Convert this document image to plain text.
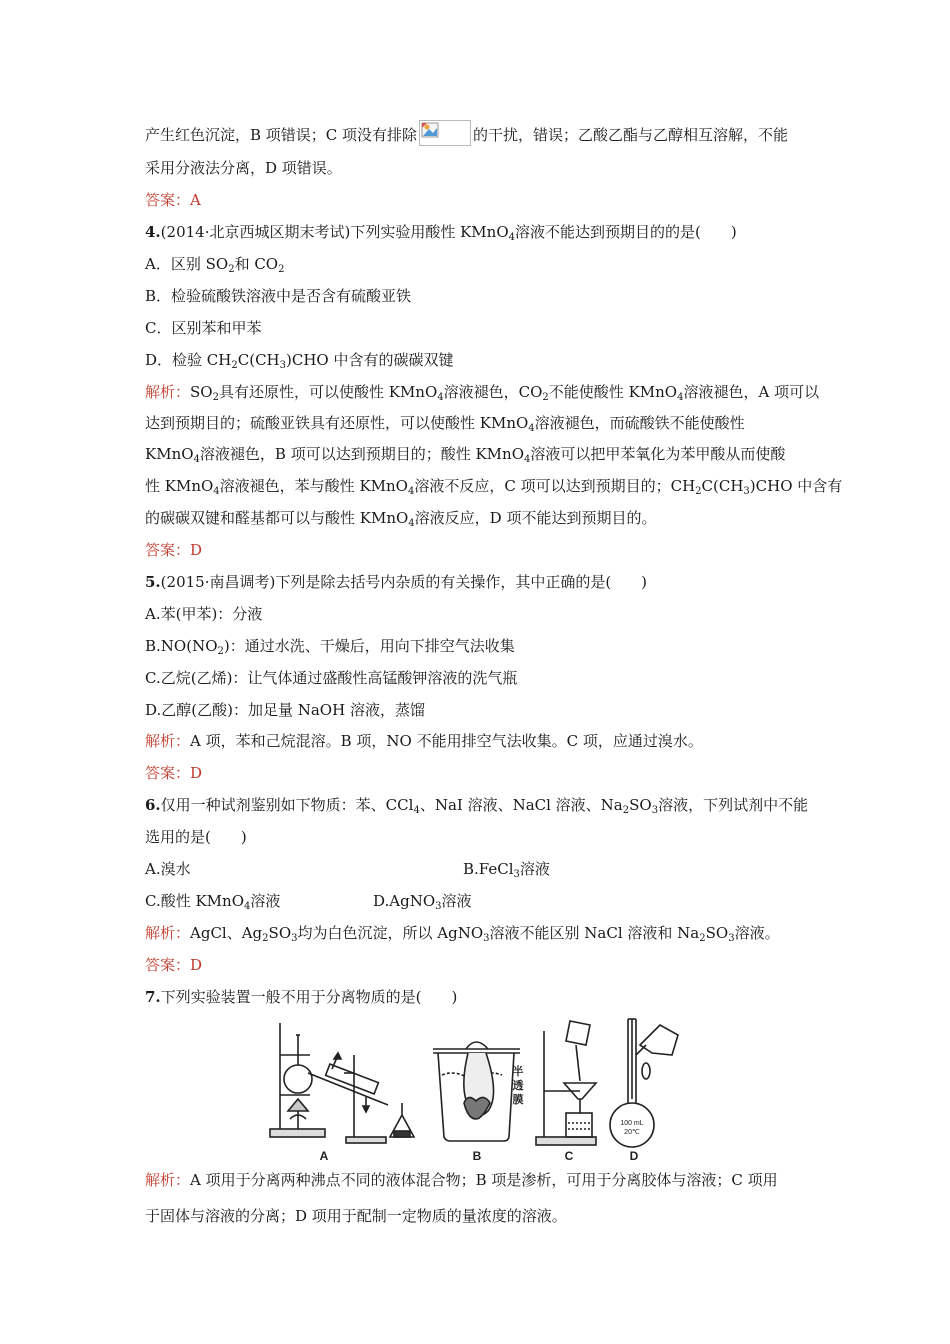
产生红色沉淀，B 项错误；C 项没有排除	的干扰，错误；乙酸乙酯与乙醇相互溶解，不能
采用分液法分离，D 项错误。
答案：A
4.(2014·北京西城区期末考试)下列实验用酸性 KMnO$_4$溶液不能达到预期目的的是(　　)
A．区别 $SO_2$和 $CO_2$
B．检验硫酸铁溶液中是否含有硫酸亚铁
C．区别苯和甲苯
D．检验 $CH_2C(CH_3)CHO$ 中含有的碳碳双键
解析：$SO_2$具有还原性，可以使酸性 KMnO$_4$溶液褪色，$CO_2$不能使酸性 KMnO$_4$溶液褪色，A 项可以
达到预期目的；硫酸亚铁具有还原性，可以使酸性 KMnO$_4$溶液褪色，而硫酸铁不能使酸性
KMnO$_4$溶液褪色，B 项可以达到预期目的；酸性 KMnO$_4$溶液可以把甲苯氧化为苯甲酸从而使酸
性 KMnO$_4$溶液褪色，苯与酸性 KMnO$_4$溶液不反应，C 项可以达到预期目的；$CH_2C(CH_3)CHO$ 中含有
的碳碳双键和醛基都可以与酸性 KMnO$_4$溶液反应，D 项不能达到预期目的。
答案：D
5.(2015·南昌调考)下列是除去括号内杂质的有关操作，其中正确的是(　　)
A.苯(甲苯)：分液
$B.NO(NO_2)$：通过水洗、干燥后，用向下排空气法收集
C.乙烷(乙烯)：让气体通过盛酸性高锰酸钾溶液的洗气瓶
D.乙醇(乙酸)：加足量 NaOH 溶液，蒸馏
解析：A 项，苯和己烷混溶。B 项，NO 不能用排空气法收集。C 项，应通过溴水。
答案：D
6.仅用一种试剂鉴别如下物质：苯、CCl$_4$、NaI 溶液、NaCl 溶液、$Na_2SO_3$溶液，下列试剂中不能
选用的是(　　)
A.溴水	B.FeCl$_3$溶液
C.酸性 KMnO$_4$溶液	D.AgNO$_3$溶液
解析：AgCl、$Ag_2SO_3$均为白色沉淀，所以 AgNO$_3$溶液不能区别 NaCl 溶液和 $Na_2SO_3$溶液。
答案：D
7.下列实验装置一般不用于分离物质的是(　　)
A	B	C	D
半
透
膜
100 mL
20℃
解析：A 项用于分离两种沸点不同的液体混合物；B 项是渗析，可用于分离胶体与溶液；C 项用
于固体与溶液的分离；D 项用于配制一定物质的量浓度的溶液。
